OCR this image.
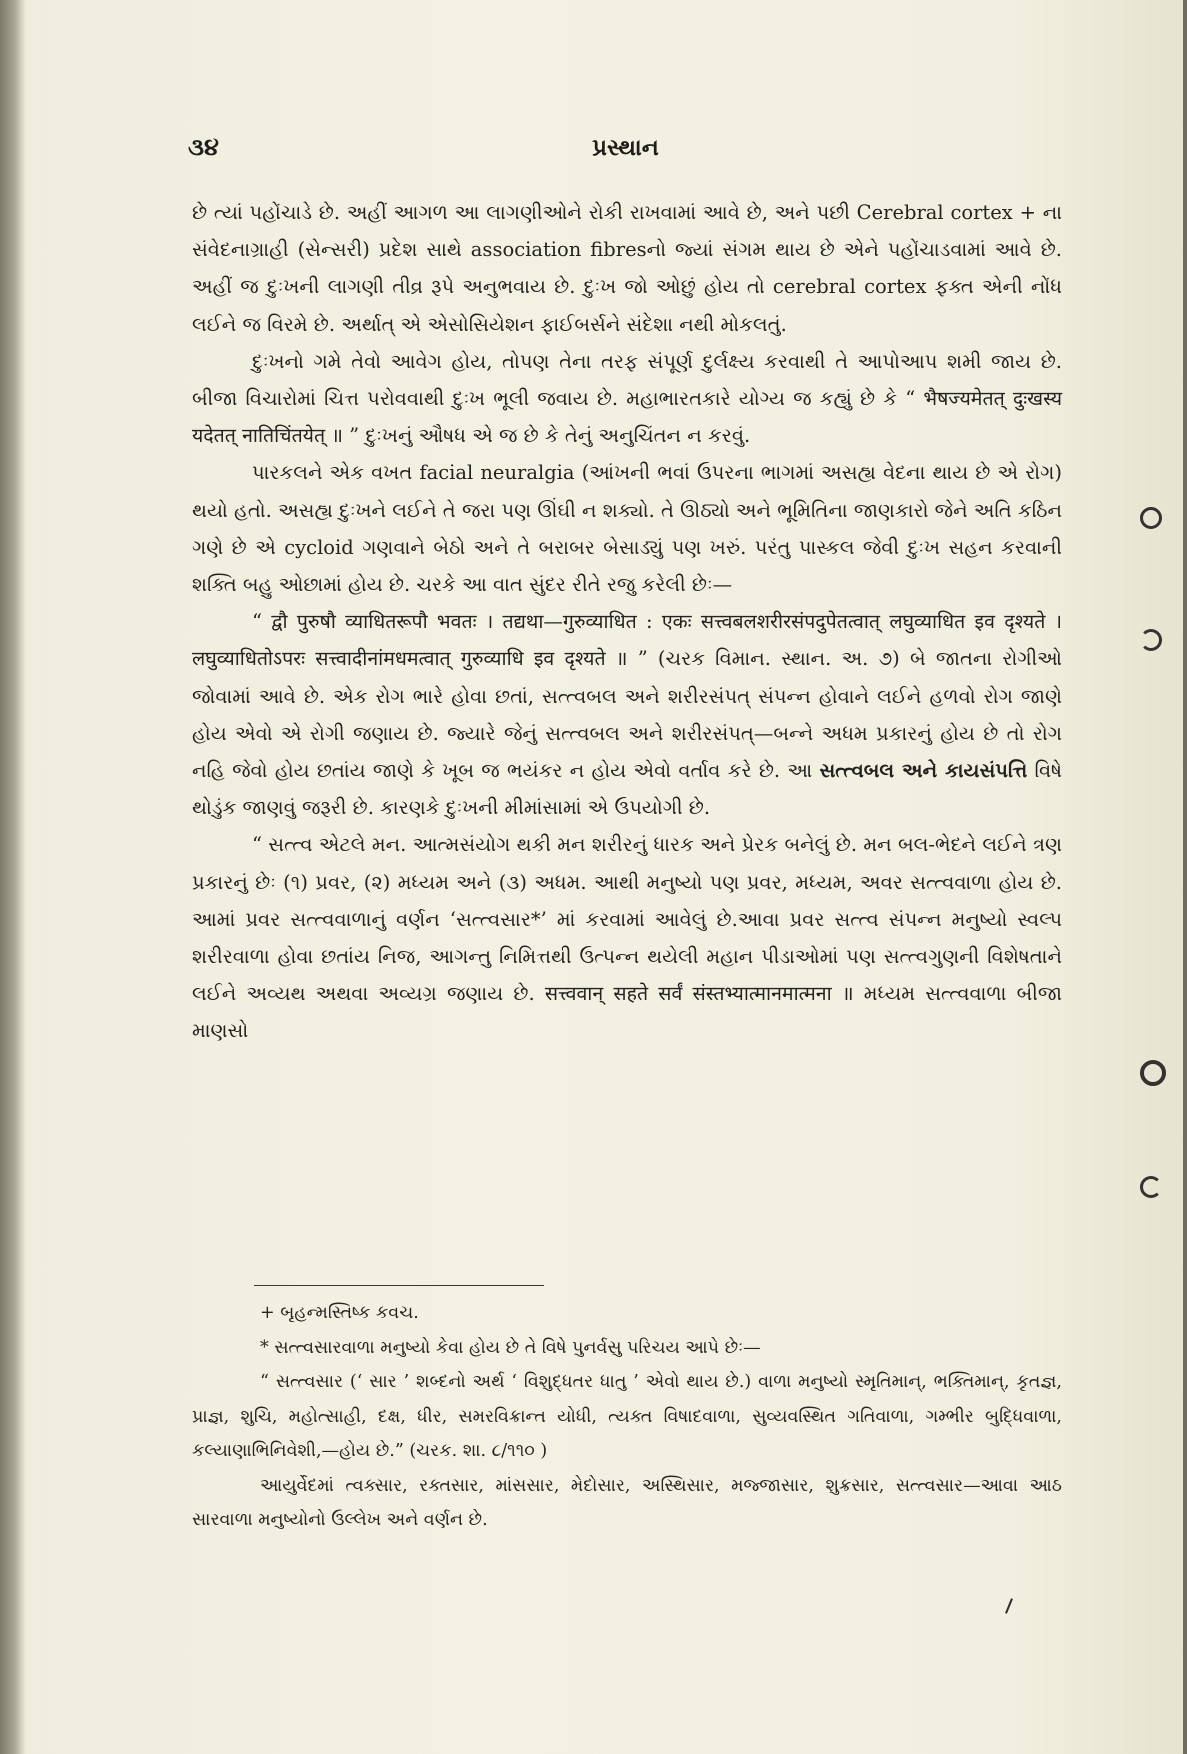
૩૪	પ્રસ્થાન

છે ત્યાં પહોંચાડે છે. અહીં આગળ આ લાગણીઓને રોકી રાખવામાં આવે છે, અને પછી Cerebral cortex + ના સંવેદનાગ્રાહી (સેન્સરી) પ્રદેશ સાથે association fibresનો જ્યાં સંગમ થાય છે એને પહોંચાડવામાં આવે છે. અહીં જ દુઃખની લાગણી તીવ્ર રૂપે અનુભવાય છે. દુઃખ જો ઓછું હોય તો cerebral cortex ફક્ત એની નોંધ લઈને જ વિરમે છે. અર્થાત્ એ એસોસિયેશન ફાઈબર્સને સંદેશા નથી મોકલતું.

દુઃખનો ગમે તેવો આવેગ હોય, તોપણ તેના તરફ સંપૂર્ણ દુર્લક્ષ્ય કરવાથી તે આપોઆપ શમી જાય છે. બીજા વિચારોમાં ચિત્ત પરોવવાથી દુઃખ ભૂલી જવાય છે. મહાભારતકારે યોગ્ય જ કહ્યું છે કે “ भैषज्यमेतत् दुःखस्य यदेतत् नातिचिंतयेत् ॥ ” દુઃખનું ઔષધ એ જ છે કે તેનું અનુચિંતન ન કરવું.

પારકલને એક વખત facial neuralgia (આંખની ભવાં ઉપરના ભાગમાં અસહ્ય વેદના થાય છે એ રોગ) થયો હતો. અસહ્ય દુઃખને લઈને તે જરા પણ ઊંઘી ન શક્યો. તે ઊઠ્યો અને ભૂમિતિના જાણકારો જેને અતિ કઠિન ગણે છે એ cycloid ગણવાને બેઠો અને તે બરાબર બેસાડ્યું પણ ખરું. પરંતુ પાસ્કલ જેવી દુઃખ સહન કરવાની શક્તિ બહુ ઓછામાં હોય છે. ચરકે આ વાત સુંદર રીતે રજુ કરેલી છેઃ—

“ द्वौ पुरुषौ व्याधितरूपौ भवतः । तद्यथा—गुरुव्याधित : एकः सत्त्वबलशरीरसंपदुपेतत्वात् लघुव्याधित इव दृश्यते । लघुव्याधितोऽपरः सत्त्वादीनांमधमत्वात् गुरुव्याधि इव दृश्यते ॥ ” (ચરક વિમાન. સ્થાન. અ. ૭) બે જાતના રોગીઓ જોવામાં આવે છે. એક રોગ ભારે હોવા છતાં, સત્ત્વબલ અને શરીરસંપત્ સંપન્ન હોવાને લઈને હળવો રોગ જાણે હોય એવો એ રોગી જણાય છે. જ્યારે જેનું સત્ત્વબલ અને શરીરસંપત્—બન્ને અધમ પ્રકારનું હોય છે તો રોગ નહિ જેવો હોય છતાંય જાણે કે ખૂબ જ ભયંકર ન હોય એવો વર્તાવ કરે છે. આ સત્ત્વબલ અને કાયસંપત્તિ વિષે થોડુંક જાણવું જરૂરી છે. કારણકે દુઃખની મીમાંસામાં એ ઉપયોગી છે.

“ સત્ત્વ એટલે મન. આત્મસંયોગ થકી મન શરીરનું ધારક અને પ્રેરક બનેલું છે. મન બલ-ભેદને લઈને ત્રણ પ્રકારનું છેઃ (૧) પ્રવર, (૨) મધ્યમ અને (૩) અધમ. આથી મનુષ્યો પણ પ્રવર, મધ્યમ, અવર સત્ત્વવાળા હોય છે. આમાં પ્રવર સત્ત્વવાળાનું વર્ણન ‘સત્ત્વસાર*’ માં કરવામાં આવેલું છે.આવા પ્રવર સત્ત્વ સંપન્ન મનુષ્યો સ્વલ્પ શરીરવાળા હોવા છતાંય નિજ, આગન્તુ નિમિત્તથી ઉત્પન્ન થયેલી મહાન પીડાઓમાં પણ સત્ત્વગુણની વિશેષતાને લઈને અવ્યથ અથવા અવ્યગ્ર જણાય છે. सत्त्ववान् सहते सर्वं संस्तभ्यात्मानमात्मना ॥ મધ્યમ સત્ત્વવાળા બીજા માણસો

+ બૃહન્મસ્તિષ્ક કવચ.

* સત્ત્વસારવાળા મનુષ્યો કેવા હોય છે તે વિષે પુનર્વસુ પરિચય આપે છેઃ—

“ સત્ત્વસાર (‘ સાર ’ શબ્દનો અર્થ ‘ વિશુદ્ધતર ધાતુ ’ એવો થાય છે.) વાળા મનુષ્યો સ્મૃતિમાન્, ભક્તિમાન્, કૃતજ્ઞ, પ્રાજ્ઞ, શુચિ, મહોત્સાહી, દક્ષ, ધીર, સમરવિક્રાન્ત યોધી, ત્યક્ત વિષાદવાળા, સુવ્યવસ્થિત ગતિવાળા, ગમ્ભીર બુદ્ધિવાળા, કલ્યાણાભિનિવેશી,—હોય છે.” (ચરક. શા. ૮/૧૧૦ )

આયુર્વેદમાં ત્વક્સાર, રક્તસાર, માંસસાર, મેદોસાર, અસ્થિસાર, મજ્જાસાર, શુક્રસાર, સત્ત્વસાર—આવા આઠ સારવાળા મનુષ્યોનો ઉલ્લેખ અને વર્ણન છે.
